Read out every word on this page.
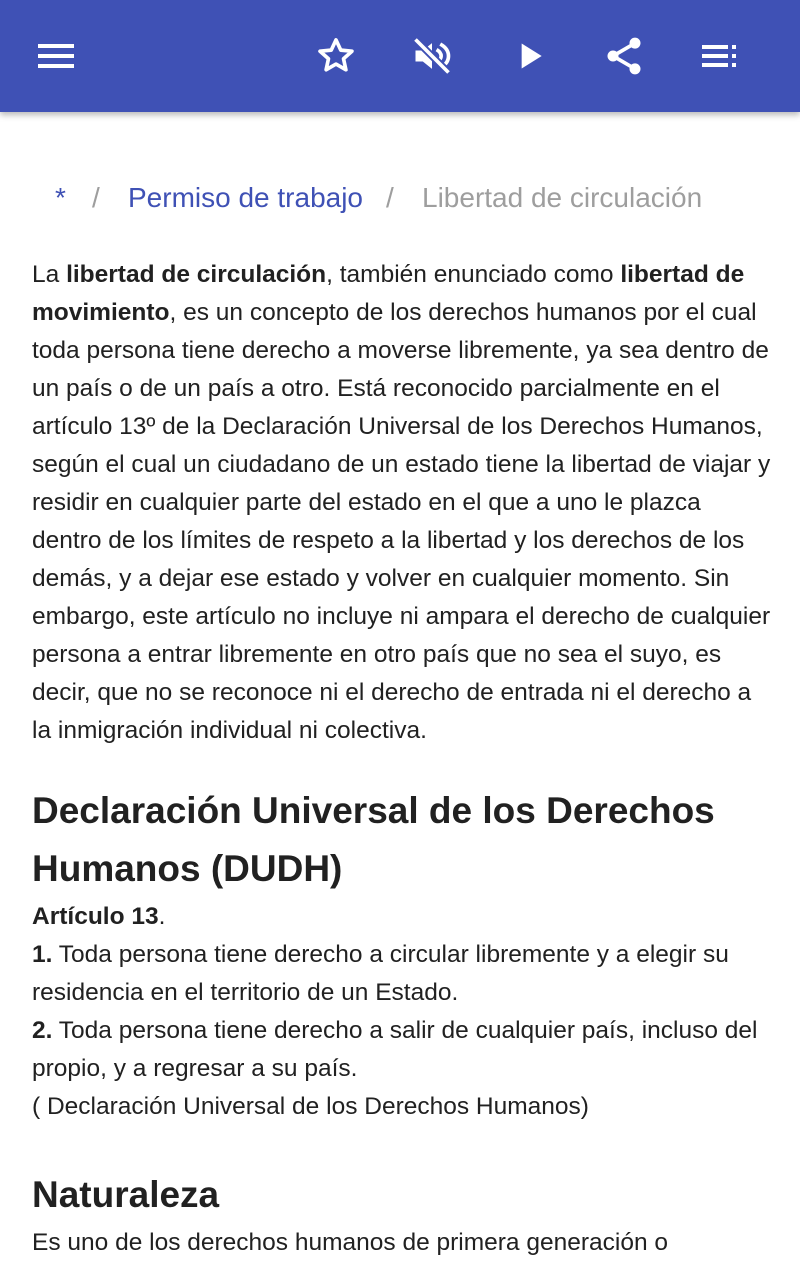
* / Permiso de trabajo / Libertad de circulación

La libertad de circulación, también enunciado como libertad de movimiento, es un concepto de los derechos humanos por el cual toda persona tiene derecho a moverse libremente, ya sea dentro de un país o de un país a otro. Está reconocido parcialmente en el artículo 13º de la Declaración Universal de los Derechos Humanos, según el cual un ciudadano de un estado tiene la libertad de viajar y residir en cualquier parte del estado en el que a uno le plazca dentro de los límites de respeto a la libertad y los derechos de los demás, y a dejar ese estado y volver en cualquier momento. Sin embargo, este artículo no incluye ni ampara el derecho de cualquier persona a entrar libremente en otro país que no sea el suyo, es decir, que no se reconoce ni el derecho de entrada ni el derecho a la inmigración individual ni colectiva.

Declaración Universal de los Derechos Humanos (DUDH)
Artículo 13.
1. Toda persona tiene derecho a circular libremente y a elegir su residencia en el territorio de un Estado.
2. Toda persona tiene derecho a salir de cualquier país, incluso del propio, y a regresar a su país.
( Declaración Universal de los Derechos Humanos)
Naturaleza

Es uno de los derechos humanos de primera generación o
